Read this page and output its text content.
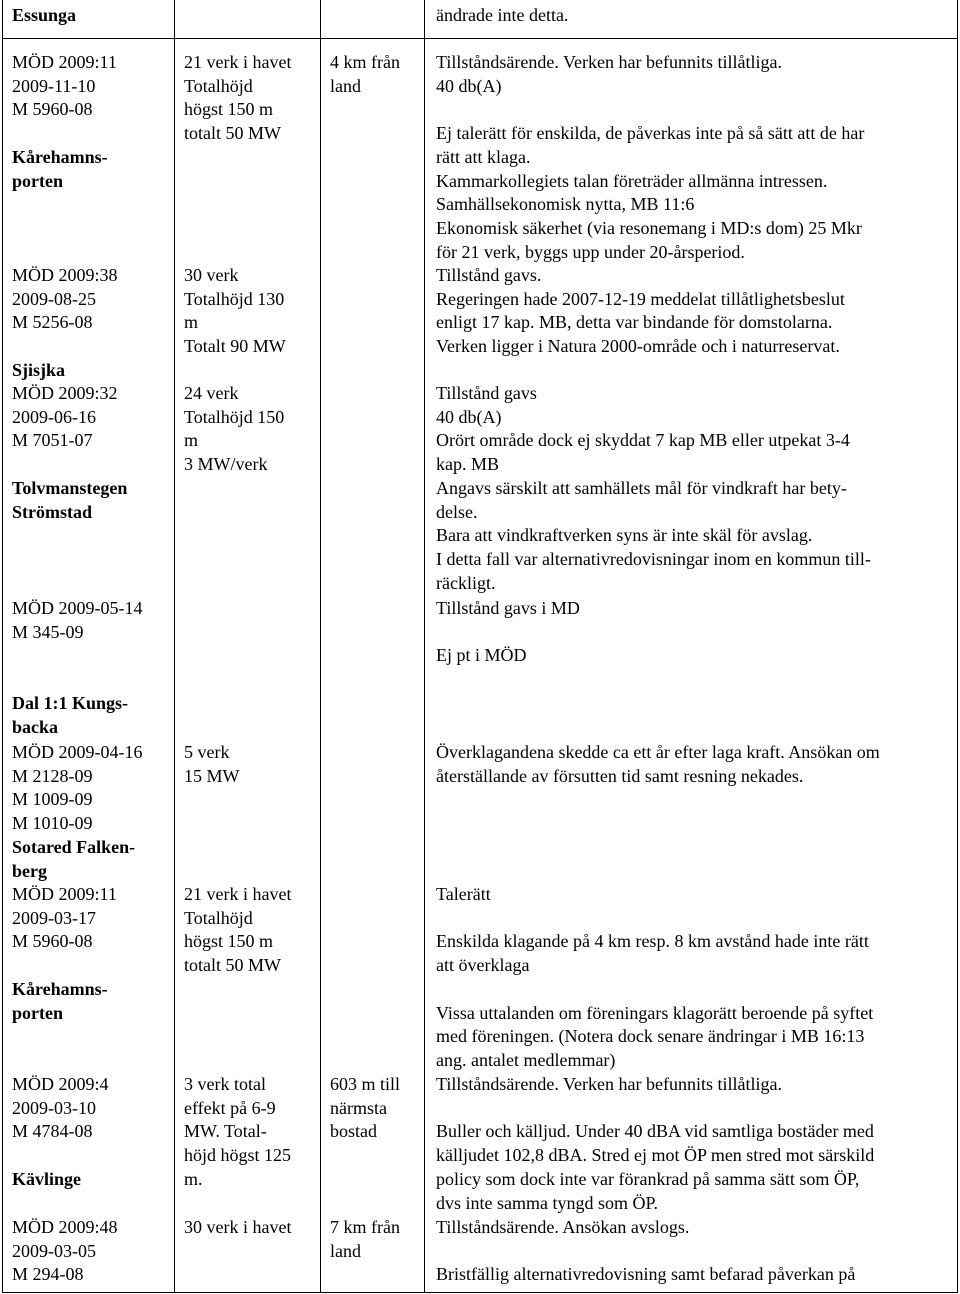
Essunga	ändrade inte detta.

MÖD 2009:11

2009-11-10

M 5960-08

Kårehamns-

porten

21 verk i havet

Totalhöjd

högst 150 m

totalt 50 MW

4 km från

land

Tillståndsärende. Verken har befunnits tillåtliga.

40 db(A)

Ej talerätt för enskilda, de påverkas inte på så sätt att de har

rätt att klaga.

Kammarkollegiets talan företräder allmänna intressen.

Samhällsekonomisk nytta, MB 11:6

Ekonomisk säkerhet (via resonemang i MD:s dom) 25 Mkr

för 21 verk, byggs upp under 20-årsperiod.

MÖD 2009:38

2009-08-25

M 5256-08

Sjisjka

30 verk

Totalhöjd 130

m

Totalt 90 MW

Tillstånd gavs.

Regeringen hade 2007-12-19 meddelat tillåtlighetsbeslut

enligt 17 kap. MB, detta var bindande för domstolarna.

Verken ligger i Natura 2000-område och i naturreservat.

MÖD 2009:32

2009-06-16

M 7051-07

Tolvmanstegen

Strömstad

24 verk

Totalhöjd 150

m

3 MW/verk

Tillstånd gavs

40 db(A)

Orört område dock ej skyddat 7 kap MB eller utpekat 3-4

kap. MB

Angavs särskilt att samhällets mål för vindkraft har bety-

delse.

Bara att vindkraftverken syns är inte skäl för avslag.

I detta fall var alternativredovisningar inom en kommun till-

räckligt.

MÖD 2009-05-14

M 345-09

Dal 1:1 Kungs-

backa

Tillstånd gavs i MD

Ej pt i MÖD

MÖD 2009-04-16

M 2128-09

M 1009-09

M 1010-09

Sotared Falken-

berg

5 verk

15 MW

Överklagandena skedde ca ett år efter laga kraft. Ansökan om

återställande av försutten tid samt resning nekades.

MÖD 2009:11

2009-03-17

M 5960-08

Kårehamns-

porten

21 verk i havet

Totalhöjd

högst 150 m

totalt 50 MW

Talerätt

Enskilda klagande på 4 km resp. 8 km avstånd hade inte rätt

att överklaga

Vissa uttalanden om föreningars klagorätt beroende på syftet

med föreningen. (Notera dock senare ändringar i MB 16:13

ang. antalet medlemmar)

MÖD 2009:4

2009-03-10

M 4784-08

Kävlinge

3 verk total

effekt på 6-9

MW. Total-

höjd högst 125

m.

603 m till

närmsta

bostad

Tillståndsärende. Verken har befunnits tillåtliga.

Buller och källjud. Under 40 dBA vid samtliga bostäder med

källjudet 102,8 dBA. Stred ej mot ÖP men stred mot särskild

policy som dock inte var förankrad på samma sätt som ÖP,

dvs inte samma tyngd som ÖP.

MÖD 2009:48

2009-03-05

M 294-08

30 verk i havet 7 km från

land

Tillståndsärende. Ansökan avslogs.

Bristfällig alternativredovisning samt befarad påverkan på
